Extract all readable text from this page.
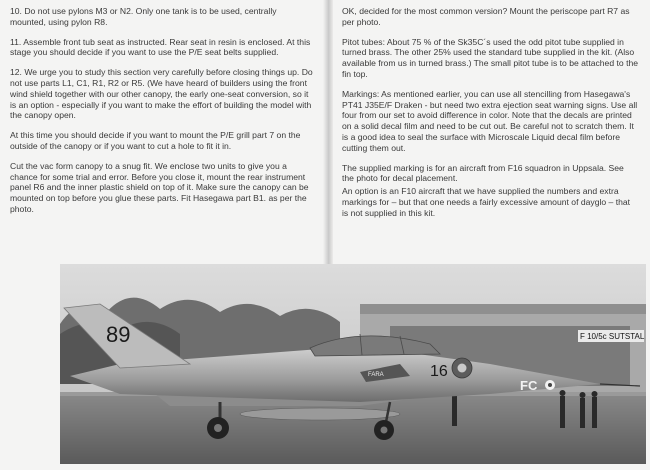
10. Do not use pylons M3 or N2. Only one tank is to be used, centrally mounted, using pylon R8.

11. Assemble front tub seat as instructed. Rear seat in resin is enclosed. At this stage you should decide if you want to use the P/E seat belts supplied.

12. We urge you to study this section very carefully before closing things up. Do not use parts L1, C1, R1, R2 or R5. (We have heard of builders using the front wind shield together with our other canopy, the early one-seat conversion, so it is an option - especially if you want to make the effort of building the model with the canopy open.

At this time you should decide if you want to mount the P/E grill part 7 on the outside of the canopy or if you want to cut a hole to fit it in.

Cut the vac form canopy to a snug fit. We enclose two units to give you a chance for some trial and error. Before you close it, mount the rear instrument panel R6 and the inner plastic shield on top of it. Make sure the canopy can be mounted on top before you glue these parts. Fit Hasegawa part B1. as per the photo.

OK, decided for the most common version? Mount the periscope part R7 as per photo.

Pitot tubes: About 75 % of the Sk35C´s used the odd pitot tube supplied in turned brass. The other 25% used the standard tube supplied in the kit. (Also available from us in turned brass.) The small pitot tube is to be attached to the fin top.

Markings: As mentioned earlier, you can use all stencilling from Hasegawa's PT41 J35E/F Draken - but need two extra ejection seat warning signs. Use all four from our set to avoid difference in color. Note that the decals are printed on a solid decal film and need to be cut out. Be careful not to scratch them. It is a good idea to seal the surface with Microscale Liquid decal film before cutting them out.

The supplied marking is for an aircraft from F16 squadron in Uppsala. See the photo for decal placement.

An option is an F10 aircraft that we have supplied the numbers and extra markings for – but that one needs a fairly excessive amount of dayglo – that is not supplied in this kit.

F 10/5c SUTSTAL
FARA
89
16
FC
